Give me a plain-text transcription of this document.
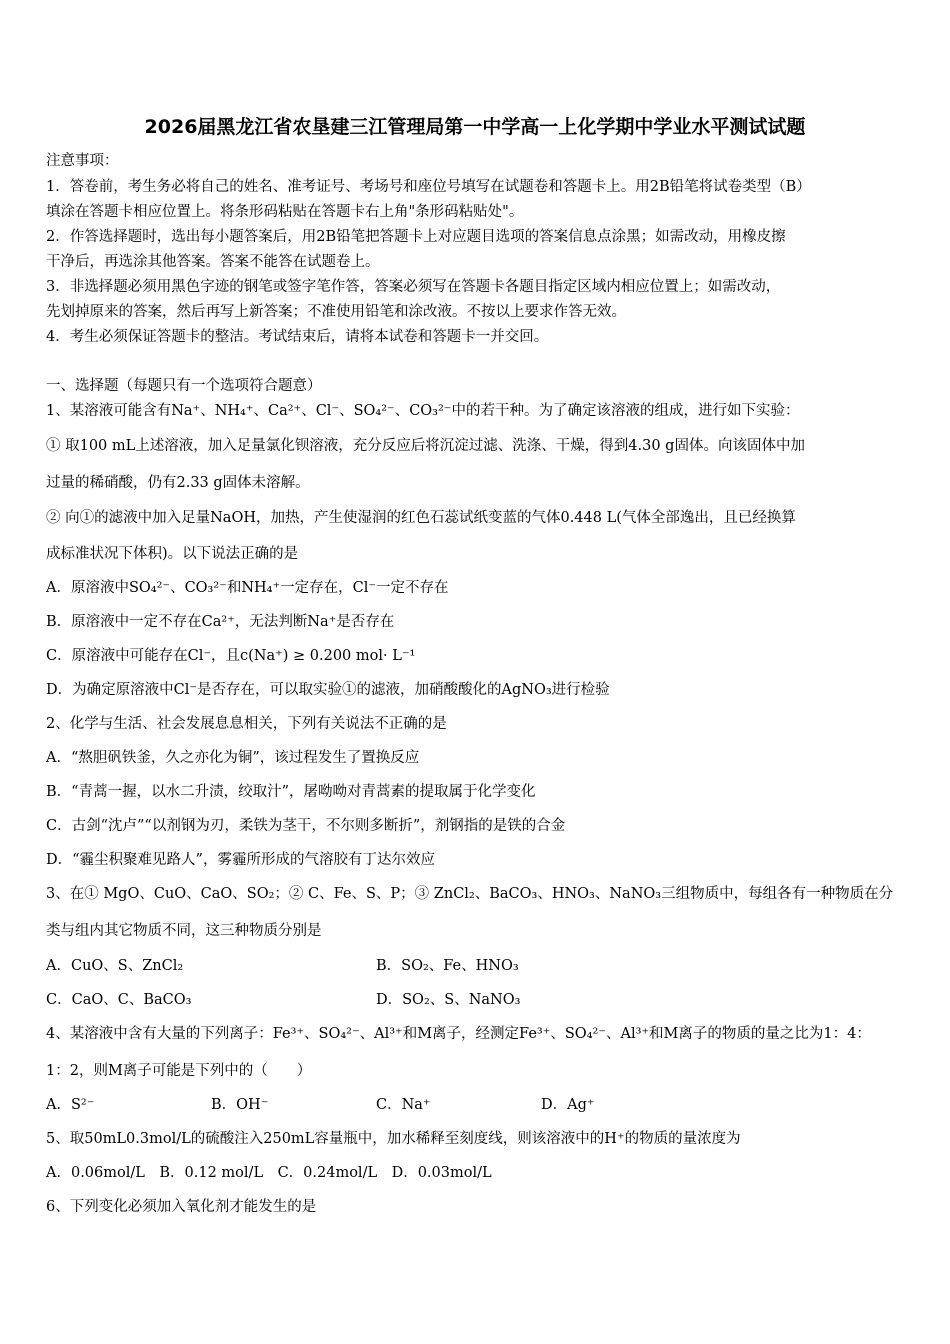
2026届黑龙江省农垦建三江管理局第一中学高一上化学期中学业水平测试试题
注意事项：
1．答卷前，考生务必将自己的姓名、准考证号、考场号和座位号填写在试题卷和答题卡上。用2B铅笔将试卷类型（B）
填涂在答题卡相应位置上。将条形码粘贴在答题卡右上角"条形码粘贴处"。
2．作答选择题时，选出每小题答案后，用2B铅笔把答题卡上对应题目选项的答案信息点涂黑；如需改动，用橡皮擦
干净后，再选涂其他答案。答案不能答在试题卷上。
3．非选择题必须用黑色字迹的钢笔或签字笔作答，答案必须写在答题卡各题目指定区域内相应位置上；如需改动，
先划掉原来的答案，然后再写上新答案；不准使用铅笔和涂改液。不按以上要求作答无效。
4．考生必须保证答题卡的整洁。考试结束后，请将本试卷和答题卡一并交回。
一、选择题（每题只有一个选项符合题意）
1、某溶液可能含有Na⁺、NH₄⁺、Ca²⁺、Cl⁻、SO₄²⁻、CO₃²⁻中的若干种。为了确定该溶液的组成，进行如下实验：
① 取100 mL上述溶液，加入足量氯化钡溶液，充分反应后将沉淀过滤、洗涤、干燥，得到4.30 g固体。向该固体中加
过量的稀硝酸，仍有2.33 g固体未溶解。
② 向①的滤液中加入足量NaOH，加热，产生使湿润的红色石蕊试纸变蓝的气体0.448 L(气体全部逸出，且已经换算
成标准状况下体积)。以下说法正确的是
A．原溶液中SO₄²⁻、CO₃²⁻和NH₄⁺一定存在，Cl⁻一定不存在
B．原溶液中一定不存在Ca²⁺，无法判断Na⁺是否存在
C．原溶液中可能存在Cl⁻，且c(Na⁺) ≥ 0.200 mol· L⁻¹
D．为确定原溶液中Cl⁻是否存在，可以取实验①的滤液，加硝酸酸化的AgNO₃进行检验
2、化学与生活、社会发展息息相关，下列有关说法不正确的是
A．“熬胆矾铁釜，久之亦化为铜”，该过程发生了置换反应
B．“青蒿一握，以水二升渍，绞取汁”，屠呦呦对青蒿素的提取属于化学变化
C．古剑“沈卢”“以剂钢为刃，柔铁为茎干，不尔则多断折”，剂钢指的是铁的合金
D．“霾尘积聚难见路人”，雾霾所形成的气溶胶有丁达尔效应
3、在① MgO、CuO、CaO、SO₂；② C、Fe、S、P；③ ZnCl₂、BaCO₃、HNO₃、NaNO₃三组物质中，每组各有一种物质在分
类与组内其它物质不同，这三种物质分别是
A．CuO、S、ZnCl₂	B．SO₂、Fe、HNO₃
C．CaO、C、BaCO₃	D．SO₂、S、NaNO₃
4、某溶液中含有大量的下列离子：Fe³⁺、SO₄²⁻、Al³⁺和M离子，经测定Fe³⁺、SO₄²⁻、Al³⁺和M离子的物质的量之比为1：4：
1：2，则M离子可能是下列中的（　　）
A．S²⁻	B．OH⁻	C．Na⁺	D．Ag⁺
5、取50mL0.3mol/L的硫酸注入250mL容量瓶中，加水稀释至刻度线，则该溶液中的H⁺的物质的量浓度为
A．0.06mol/L　B．0.12 mol/L　C．0.24mol/L　D．0.03mol/L
6、下列变化必须加入氧化剂才能发生的是
